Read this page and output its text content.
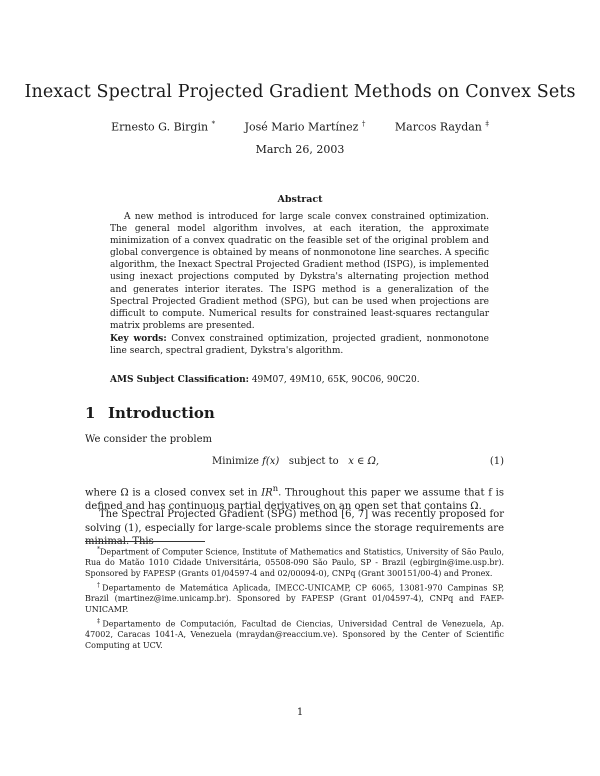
Inexact Spectral Projected Gradient Methods on Convex Sets
Ernesto G. Birgin *	José Mario Martínez †	Marcos Raydan ‡
March 26, 2003
Abstract

A new method is introduced for large scale convex constrained optimization. The general model algorithm involves, at each iteration, the approximate minimization of a convex quadratic on the feasible set of the original problem and global convergence is obtained by means of nonmonotone line searches. A specific algorithm, the Inexact Spectral Projected Gradient method (ISPG), is implemented using inexact projections computed by Dykstra's alternating projection method and generates interior iterates. The ISPG method is a generalization of the Spectral Projected Gradient method (SPG), but can be used when projections are difficult to compute. Numerical results for constrained least-squares rectangular matrix problems are presented.

Key words: Convex constrained optimization, projected gradient, nonmonotone line search, spectral gradient, Dykstra's algorithm.

AMS Subject Classification: 49M07, 49M10, 65K, 90C06, 90C20.

1 Introduction

We consider the problem

Minimize f(x) subject to x ∈ Ω,	(1)

where Ω is a closed convex set in $IR^n$. Throughout this paper we assume that f is defined and has continuous partial derivatives on an open set that contains Ω.

The Spectral Projected Gradient (SPG) method [6, 7] was recently proposed for solving (1), especially for large-scale problems since the storage requirements are minimal. This

*Department of Computer Science, Institute of Mathematics and Statistics, University of São Paulo, Rua do Matão 1010 Cidade Universitária, 05508-090 São Paulo, SP - Brazil (egbirgin@ime.usp.br). Sponsored by FAPESP (Grants 01/04597-4 and 02/00094-0), CNPq (Grant 300151/00-4) and Pronex.

†Departamento de Matemática Aplicada, IMECC-UNICAMP, CP 6065, 13081-970 Campinas SP, Brazil (martinez@ime.unicamp.br). Sponsored by FAPESP (Grant 01/04597-4), CNPq and FAEP-UNICAMP.

‡Departamento de Computación, Facultad de Ciencias, Universidad Central de Venezuela, Ap. 47002, Caracas 1041-A, Venezuela (mraydan@reaccium.ve). Sponsored by the Center of Scientific Computing at UCV.

1
